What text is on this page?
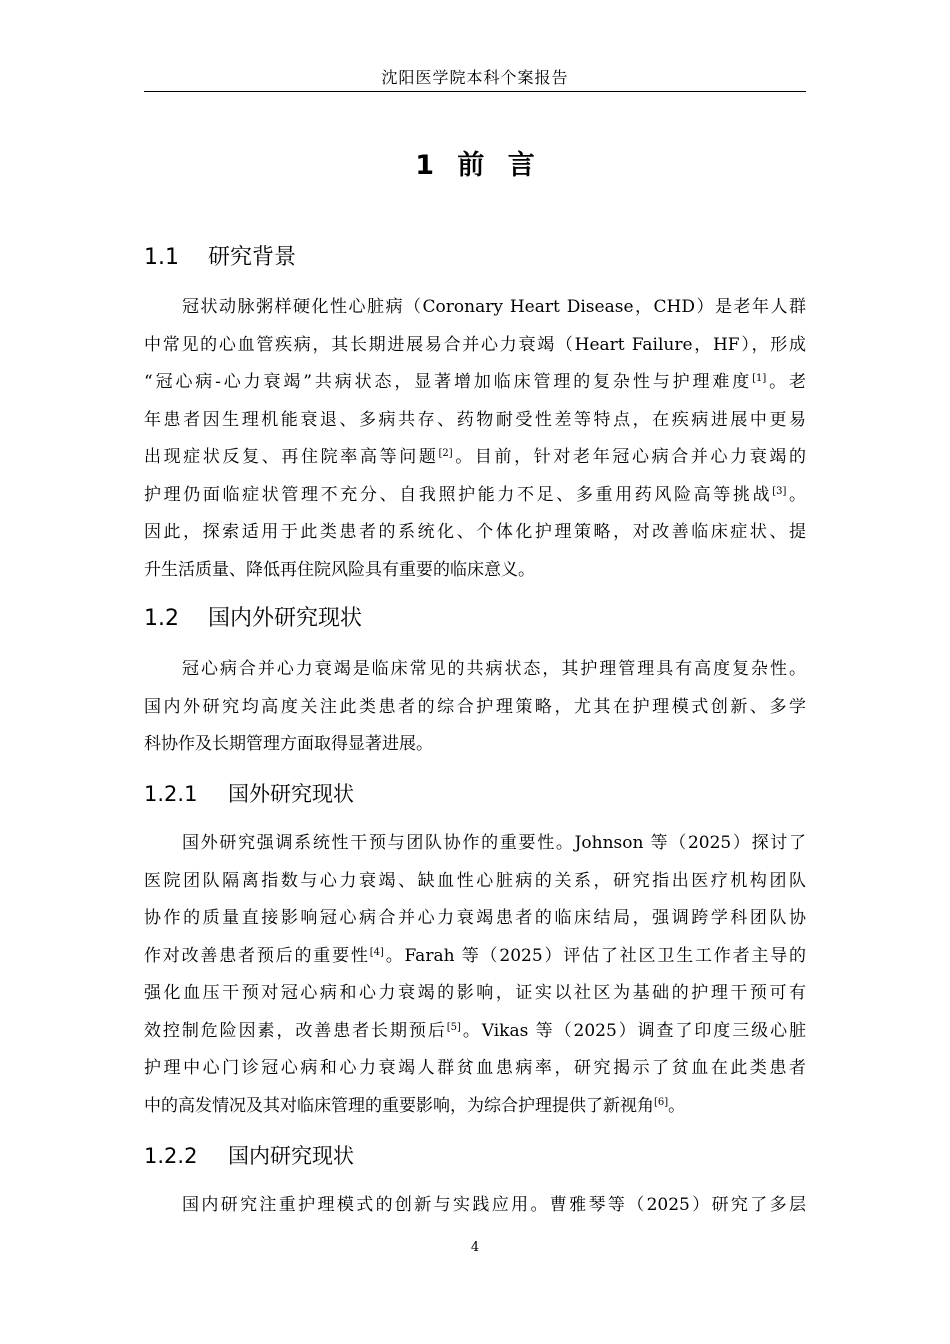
沈阳医学院本科个案报告
1 前 言
1.1 研究背景
冠状动脉粥样硬化性心脏病（Coronary Heart Disease，CHD）是老年人群
中常见的心血管疾病，其长期进展易合并心力衰竭（Heart Failure，HF），形成
“冠心病-心力衰竭”共病状态，显著增加临床管理的复杂性与护理难度[1]。老
年患者因生理机能衰退、多病共存、药物耐受性差等特点，在疾病进展中更易
出现症状反复、再住院率高等问题[2]。目前，针对老年冠心病合并心力衰竭的
护理仍面临症状管理不充分、自我照护能力不足、多重用药风险高等挑战[3]。
因此，探索适用于此类患者的系统化、个体化护理策略，对改善临床症状、提
升生活质量、降低再住院风险具有重要的临床意义。
1.2 国内外研究现状
冠心病合并心力衰竭是临床常见的共病状态，其护理管理具有高度复杂性。
国内外研究均高度关注此类患者的综合护理策略，尤其在护理模式创新、多学
科协作及长期管理方面取得显著进展。
1.2.1 国外研究现状
国外研究强调系统性干预与团队协作的重要性。Johnson 等（2025）探讨了
医院团队隔离指数与心力衰竭、缺血性心脏病的关系，研究指出医疗机构团队
协作的质量直接影响冠心病合并心力衰竭患者的临床结局，强调跨学科团队协
作对改善患者预后的重要性[4]。Farah 等（2025）评估了社区卫生工作者主导的
强化血压干预对冠心病和心力衰竭的影响，证实以社区为基础的护理干预可有
效控制危险因素，改善患者长期预后[5]。Vikas 等（2025）调查了印度三级心脏
护理中心门诊冠心病和心力衰竭人群贫血患病率，研究揭示了贫血在此类患者
中的高发情况及其对临床管理的重要影响，为综合护理提供了新视角[6]。
1.2.2 国内研究现状
国内研究注重护理模式的创新与实践应用。曹雅琴等（2025）研究了多层
4
